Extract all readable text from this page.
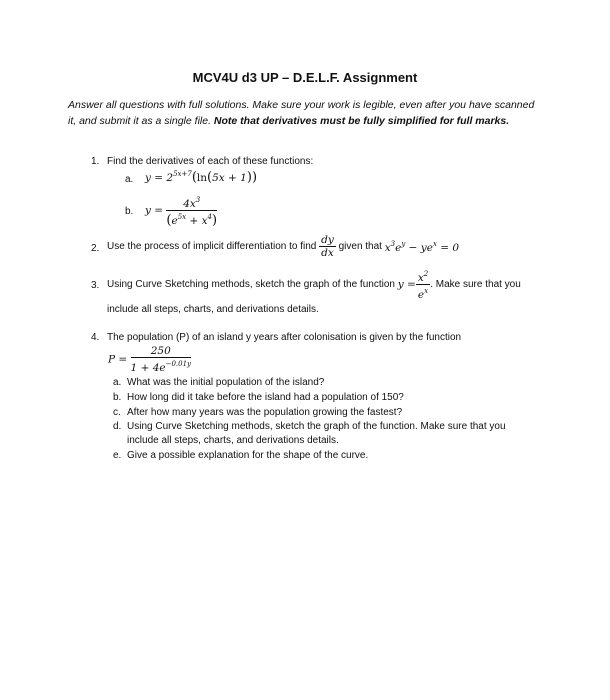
MCV4U d3 UP – D.E.L.F. Assignment
Answer all questions with full solutions. Make sure your work is legible, even after you have scanned it, and submit it as a single file. Note that derivatives must be fully simplified for full marks.
1. Find the derivatives of each of these functions:
a. $y = 2^{5x+7}(\ln(5x + 1))$
b. $y = \frac{4x^3}{(e^{5x} + x^4)}$
2. Use the process of implicit differentiation to find $\frac{dy}{dx}$ given that $x^3e^y - ye^x = 0$
3. Using Curve Sketching methods, sketch the graph of the function $y = \frac{x^2}{e^x}$ . Make sure that you
include all steps, charts, and derivations details.
4. The population (P) of an island y years after colonisation is given by the function
$P = \frac{250}{1 + 4e^{-0.01y}}$
a. What was the initial population of the island?
b. How long did it take before the island had a population of 150?
c. After how many years was the population growing the fastest?
d. Using Curve Sketching methods, sketch the graph of the function. Make sure that you include all steps, charts, and derivations details.
e. Give a possible explanation for the shape of the curve.
